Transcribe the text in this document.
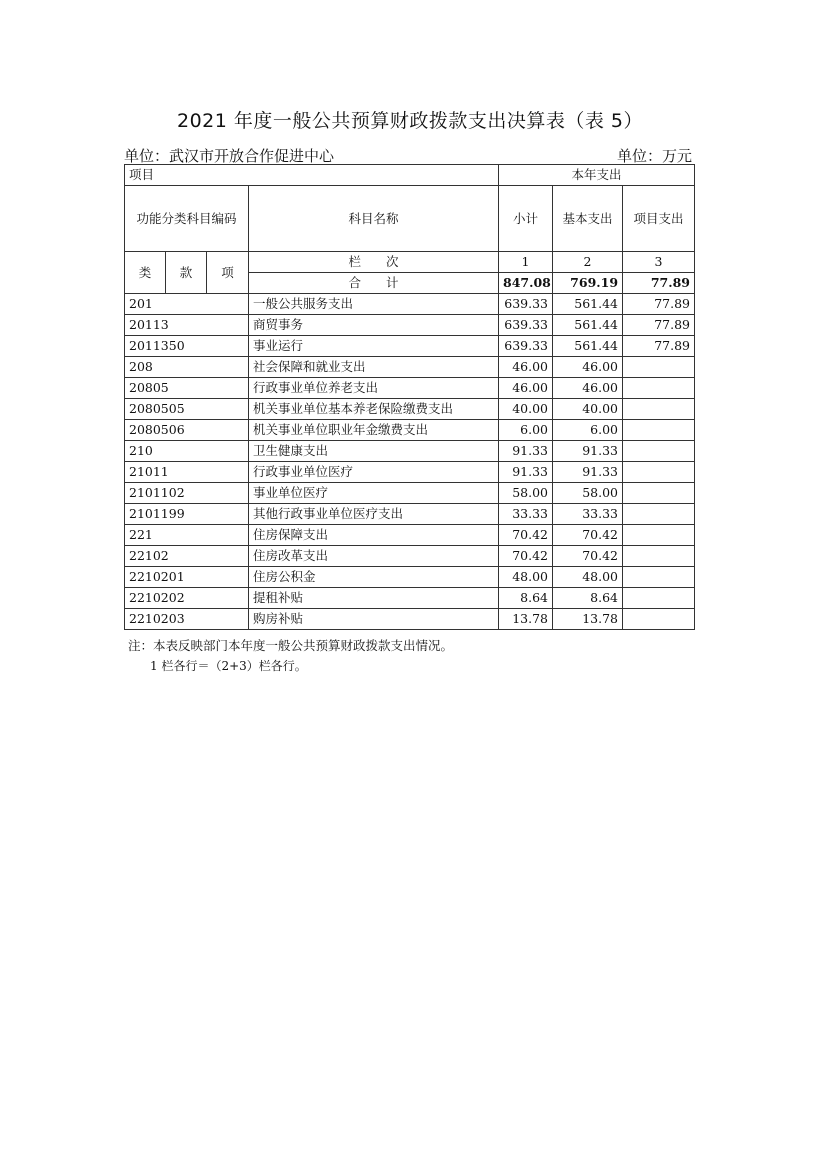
2021 年度一般公共预算财政拨款支出决算表（表 5）
单位：武汉市开放合作促进中心	单位：万元
项目				本年支出		
功能分类科目编码			科目名称	小计	基本支出	项目支出
类	款	项	栏　　次	1	2	3
			合　　计	847.08	769.19	77.89
201			一般公共服务支出	639.33	561.44	77.89
20113			商贸事务	639.33	561.44	77.89
2011350			事业运行	639.33	561.44	77.89
208			社会保障和就业支出	46.00	46.00	
20805			行政事业单位养老支出	46.00	46.00	
2080505			机关事业单位基本养老保险缴费支出	40.00	40.00	
2080506			机关事业单位职业年金缴费支出	6.00	6.00	
210			卫生健康支出	91.33	91.33	
21011			行政事业单位医疗	91.33	91.33	
2101102			事业单位医疗	58.00	58.00	
2101199			其他行政事业单位医疗支出	33.33	33.33	
221			住房保障支出	70.42	70.42	
22102			住房改革支出	70.42	70.42	
2210201			住房公积金	48.00	48.00	
2210202			提租补贴	8.64	8.64	
2210203			购房补贴	13.78	13.78	
注：本表反映部门本年度一般公共预算财政拨款支出情况。
1 栏各行＝（2+3）栏各行。
